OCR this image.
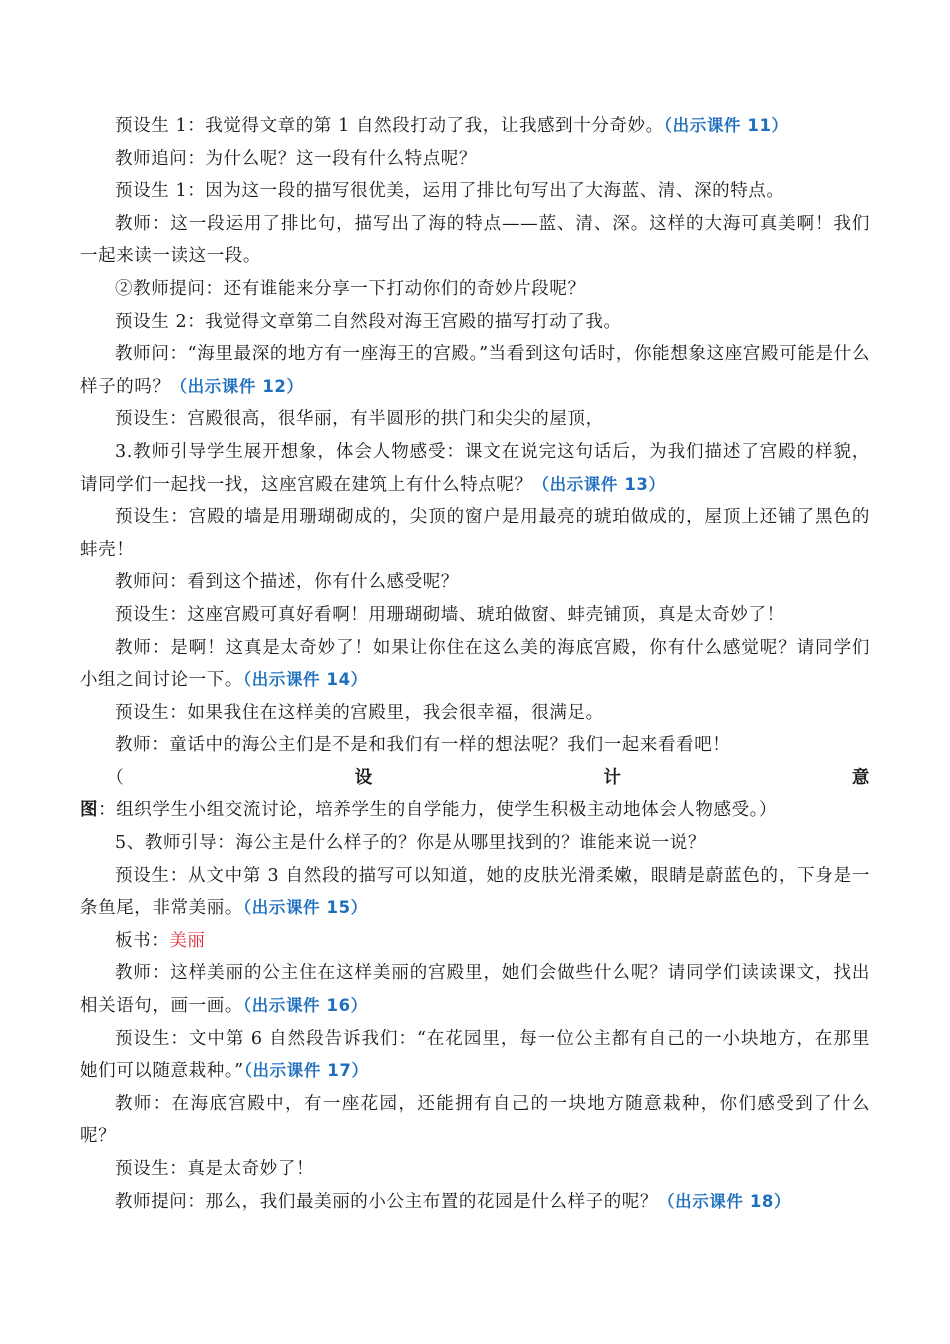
预设生 1：我觉得文章的第 1 自然段打动了我，让我感到十分奇妙。（出示课件 11）

教师追问：为什么呢？这一段有什么特点呢？

预设生 1：因为这一段的描写很优美，运用了排比句写出了大海蓝、清、深的特点。

教师：这一段运用了排比句，描写出了海的特点——蓝、清、深。这样的大海可真美啊！我们一起来读一读这一段。

②教师提问：还有谁能来分享一下打动你们的奇妙片段呢？

预设生 2：我觉得文章第二自然段对海王宫殿的描写打动了我。

教师问：“海里最深的地方有一座海王的宫殿。”当看到这句话时，你能想象这座宫殿可能是什么样子的吗？（出示课件 12）

预设生：宫殿很高，很华丽，有半圆形的拱门和尖尖的屋顶，

3.教师引导学生展开想象，体会人物感受：课文在说完这句话后，为我们描述了宫殿的样貌，请同学们一起找一找，这座宫殿在建筑上有什么特点呢？（出示课件 13）

预设生：宫殿的墙是用珊瑚砌成的，尖顶的窗户是用最亮的琥珀做成的，屋顶上还铺了黑色的蚌壳！

教师问：看到这个描述，你有什么感受呢？

预设生：这座宫殿可真好看啊！用珊瑚砌墙、琥珀做窗、蚌壳铺顶，真是太奇妙了！

教师：是啊！这真是太奇妙了！如果让你住在这么美的海底宫殿，你有什么感觉呢？请同学们小组之间讨论一下。（出示课件 14）

预设生：如果我住在这样美的宫殿里，我会很幸福，很满足。

教师：童话中的海公主们是不是和我们有一样的想法呢？我们一起来看看吧！

（设计意图：组织学生小组交流讨论，培养学生的自学能力，使学生积极主动地体会人物感受。）

5、教师引导：海公主是什么样子的？你是从哪里找到的？谁能来说一说？

预设生：从文中第 3 自然段的描写可以知道，她的皮肤光滑柔嫩，眼睛是蔚蓝色的，下身是一条鱼尾，非常美丽。（出示课件 15）

板书：美丽

教师：这样美丽的公主住在这样美丽的宫殿里，她们会做些什么呢？请同学们读读课文，找出相关语句，画一画。（出示课件 16）

预设生：文中第 6 自然段告诉我们：“在花园里，每一位公主都有自己的一小块地方，在那里她们可以随意栽种。”（出示课件 17）

教师：在海底宫殿中，有一座花园，还能拥有自己的一块地方随意栽种，你们感受到了什么呢？

预设生：真是太奇妙了！

教师提问：那么，我们最美丽的小公主布置的花园是什么样子的呢？（出示课件 18）
